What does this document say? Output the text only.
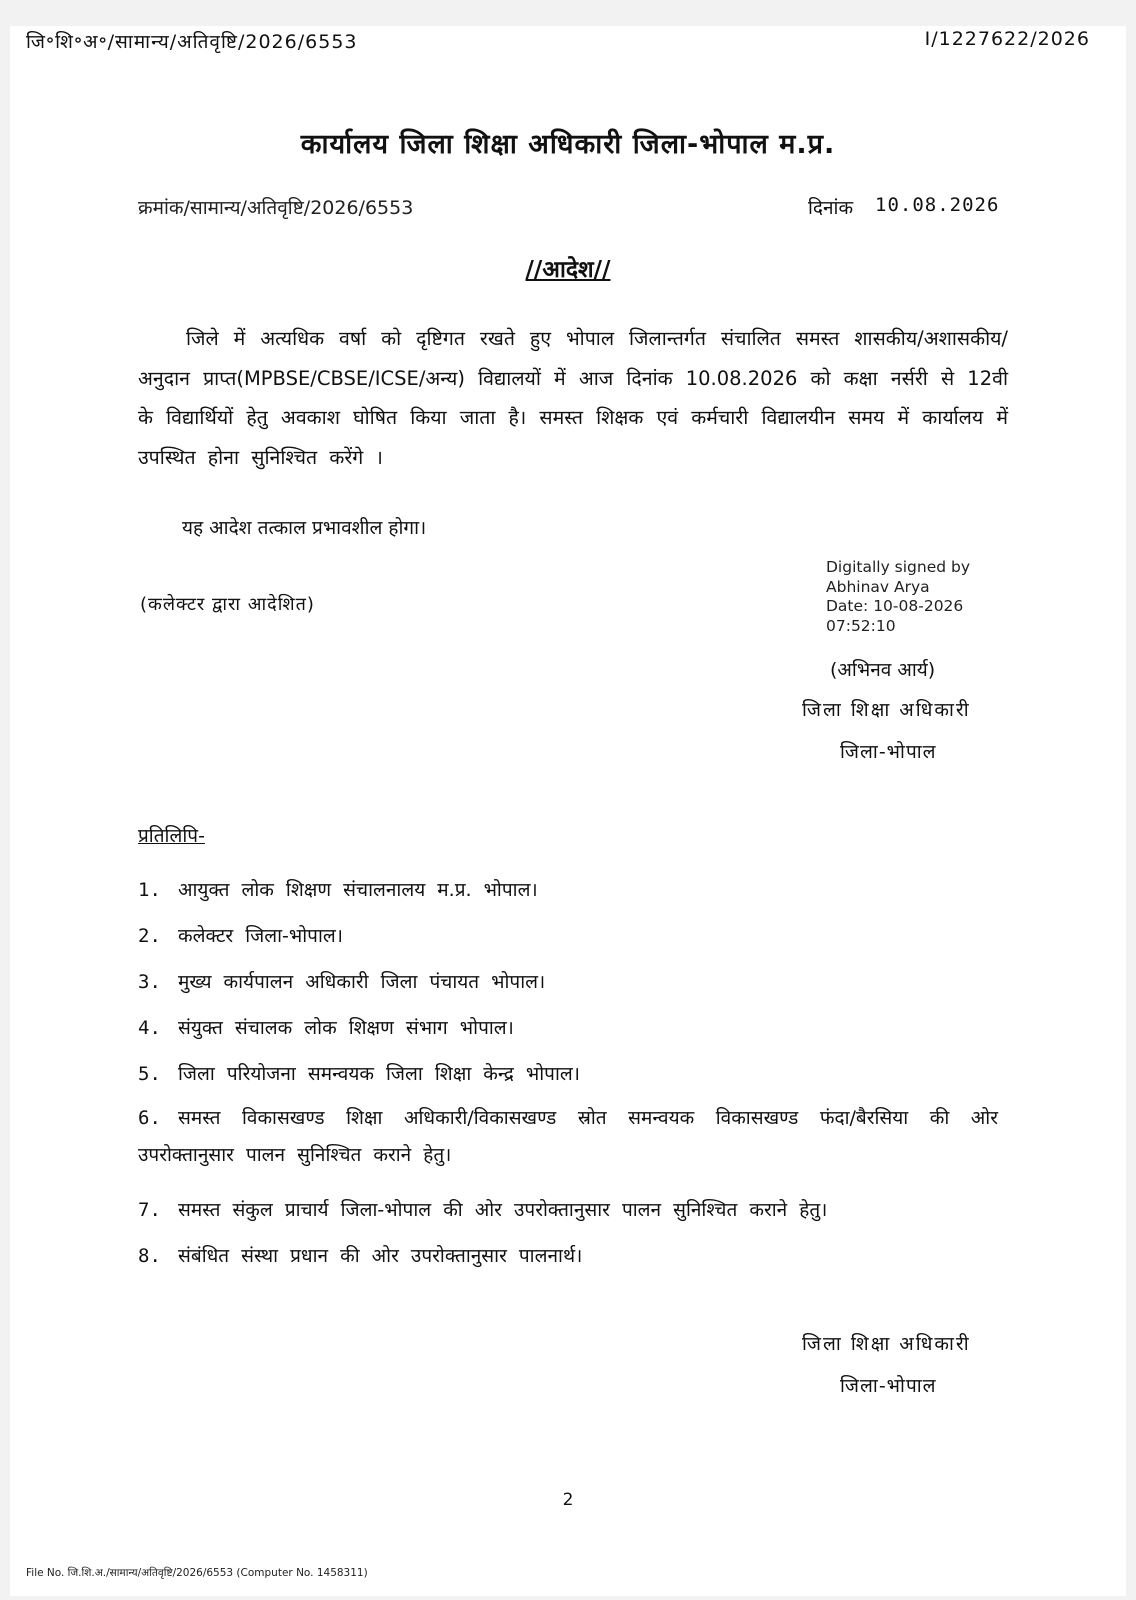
जि॰शि॰अ॰/सामान्य/अतिवृष्टि/2026/6553	I/1227622/2026
कार्यालय जिला शिक्षा अधिकारी जिला-भोपाल म.प्र.
क्रमांक/सामान्य/अतिवृष्टि/2026/6553	दिनांक 10.08.2026
//आदेश//
जिले में अत्यधिक वर्षा को दृष्टिगत रखते हुए भोपाल जिलान्तर्गत संचालित समस्त शासकीय/अशासकीय/अनुदान प्राप्त(MPBSE/CBSE/ICSE/अन्य) विद्यालयों में आज दिनांक 10.08.2026 को कक्षा नर्सरी से 12वी के विद्यार्थियों हेतु अवकाश घोषित किया जाता है। समस्त शिक्षक एवं कर्मचारी विद्यालयीन समय में कार्यालय में उपस्थित होना सुनिश्चित करेंगे ।
यह आदेश तत्काल प्रभावशील होगा।
(कलेक्टर द्वारा आदेशित)
Digitally signed by
Abhinav Arya
Date: 10-08-2026
07:52:10
(अभिनव आर्य)
जिला शिक्षा अधिकारी
जिला-भोपाल
प्रतिलिपि-
1. आयुक्त लोक शिक्षण संचालनालय म.प्र. भोपाल।
2. कलेक्टर जिला-भोपाल।
3. मुख्य कार्यपालन अधिकारी जिला पंचायत भोपाल।
4. संयुक्त संचालक लोक शिक्षण संभाग भोपाल।
5. जिला परियोजना समन्वयक जिला शिक्षा केन्द्र भोपाल।
6. समस्त विकासखण्ड शिक्षा अधिकारी/विकासखण्ड स्रोत समन्वयक विकासखण्ड फंदा/बैरसिया की ओर उपरोक्तानुसार पालन सुनिश्चित कराने हेतु।
7. समस्त संकुल प्राचार्य जिला-भोपाल की ओर उपरोक्तानुसार पालन सुनिश्चित कराने हेतु।
8. संबंधित संस्था प्रधान की ओर उपरोक्तानुसार पालनार्थ।
जिला शिक्षा अधिकारी
जिला-भोपाल
2
File No. जि.शि.अ./सामान्य/अतिवृष्टि/2026/6553 (Computer No. 1458311)
